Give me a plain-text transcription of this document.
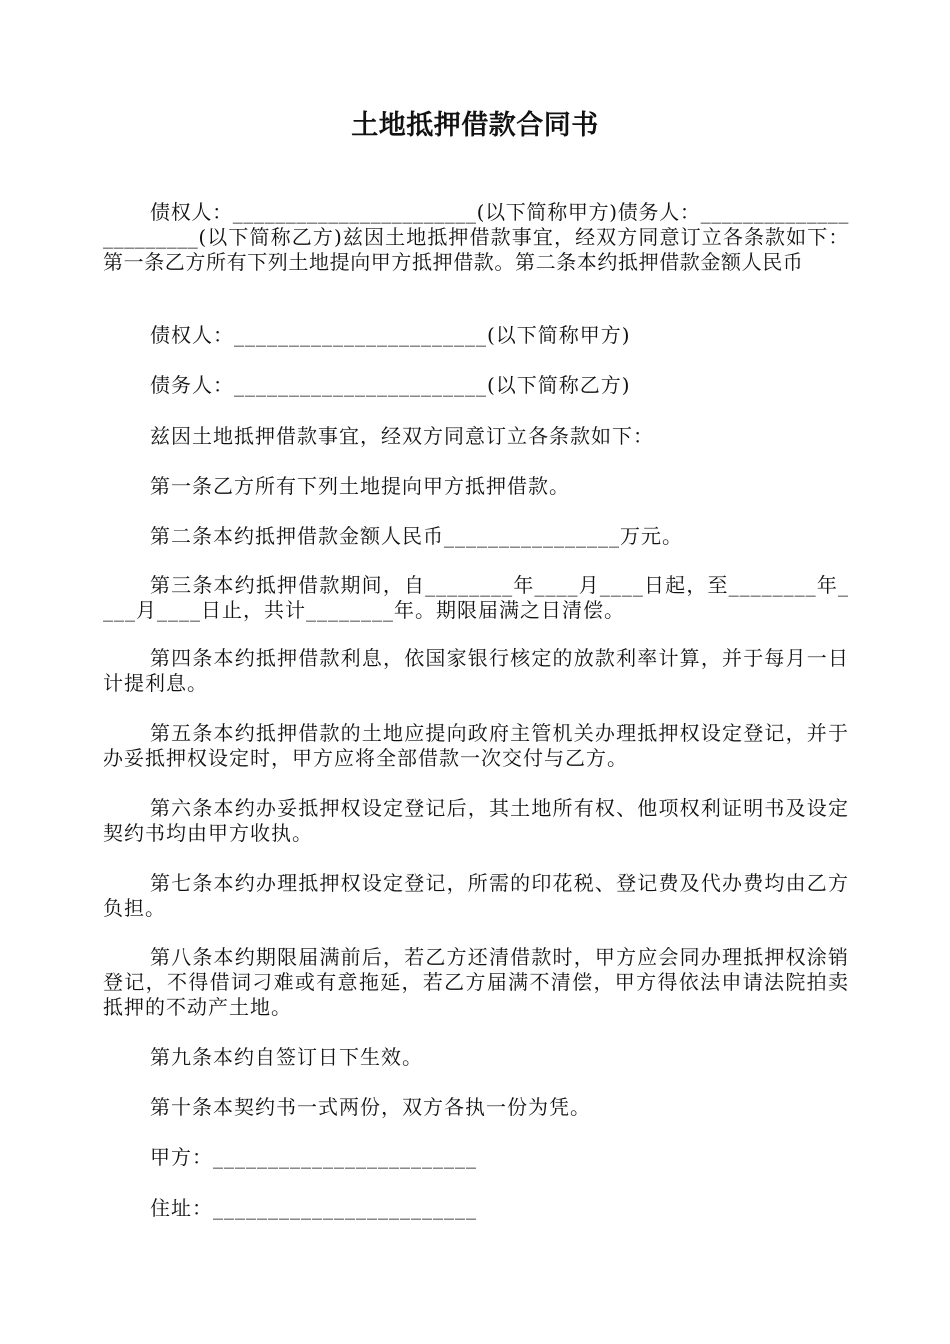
土地抵押借款合同书

债权人：_______________________(以下简称甲方)债务人：_______________________(以下简称乙方)兹因土地抵押借款事宜，经双方同意订立各条款如下：第一条乙方所有下列土地提向甲方抵押借款。第二条本约抵押借款金额人民币

债权人：_______________________(以下简称甲方)

债务人：_______________________(以下简称乙方)

兹因土地抵押借款事宜，经双方同意订立各条款如下：

第一条乙方所有下列土地提向甲方抵押借款。

第二条本约抵押借款金额人民币________________万元。

第三条本约抵押借款期间，自________年____月____日起，至________年____月____日止，共计________年。期限届满之日清偿。

第四条本约抵押借款利息，依国家银行核定的放款利率计算，并于每月一日计提利息。

第五条本约抵押借款的土地应提向政府主管机关办理抵押权设定登记，并于办妥抵押权设定时，甲方应将全部借款一次交付与乙方。

第六条本约办妥抵押权设定登记后，其土地所有权、他项权利证明书及设定契约书均由甲方收执。

第七条本约办理抵押权设定登记，所需的印花税、登记费及代办费均由乙方负担。

第八条本约期限届满前后，若乙方还清借款时，甲方应会同办理抵押权涂销登记，不得借词刁难或有意拖延，若乙方届满不清偿，甲方得依法申请法院拍卖抵押的不动产土地。

第九条本约自签订日下生效。

第十条本契约书一式两份，双方各执一份为凭。

甲方：________________________

住址：________________________
